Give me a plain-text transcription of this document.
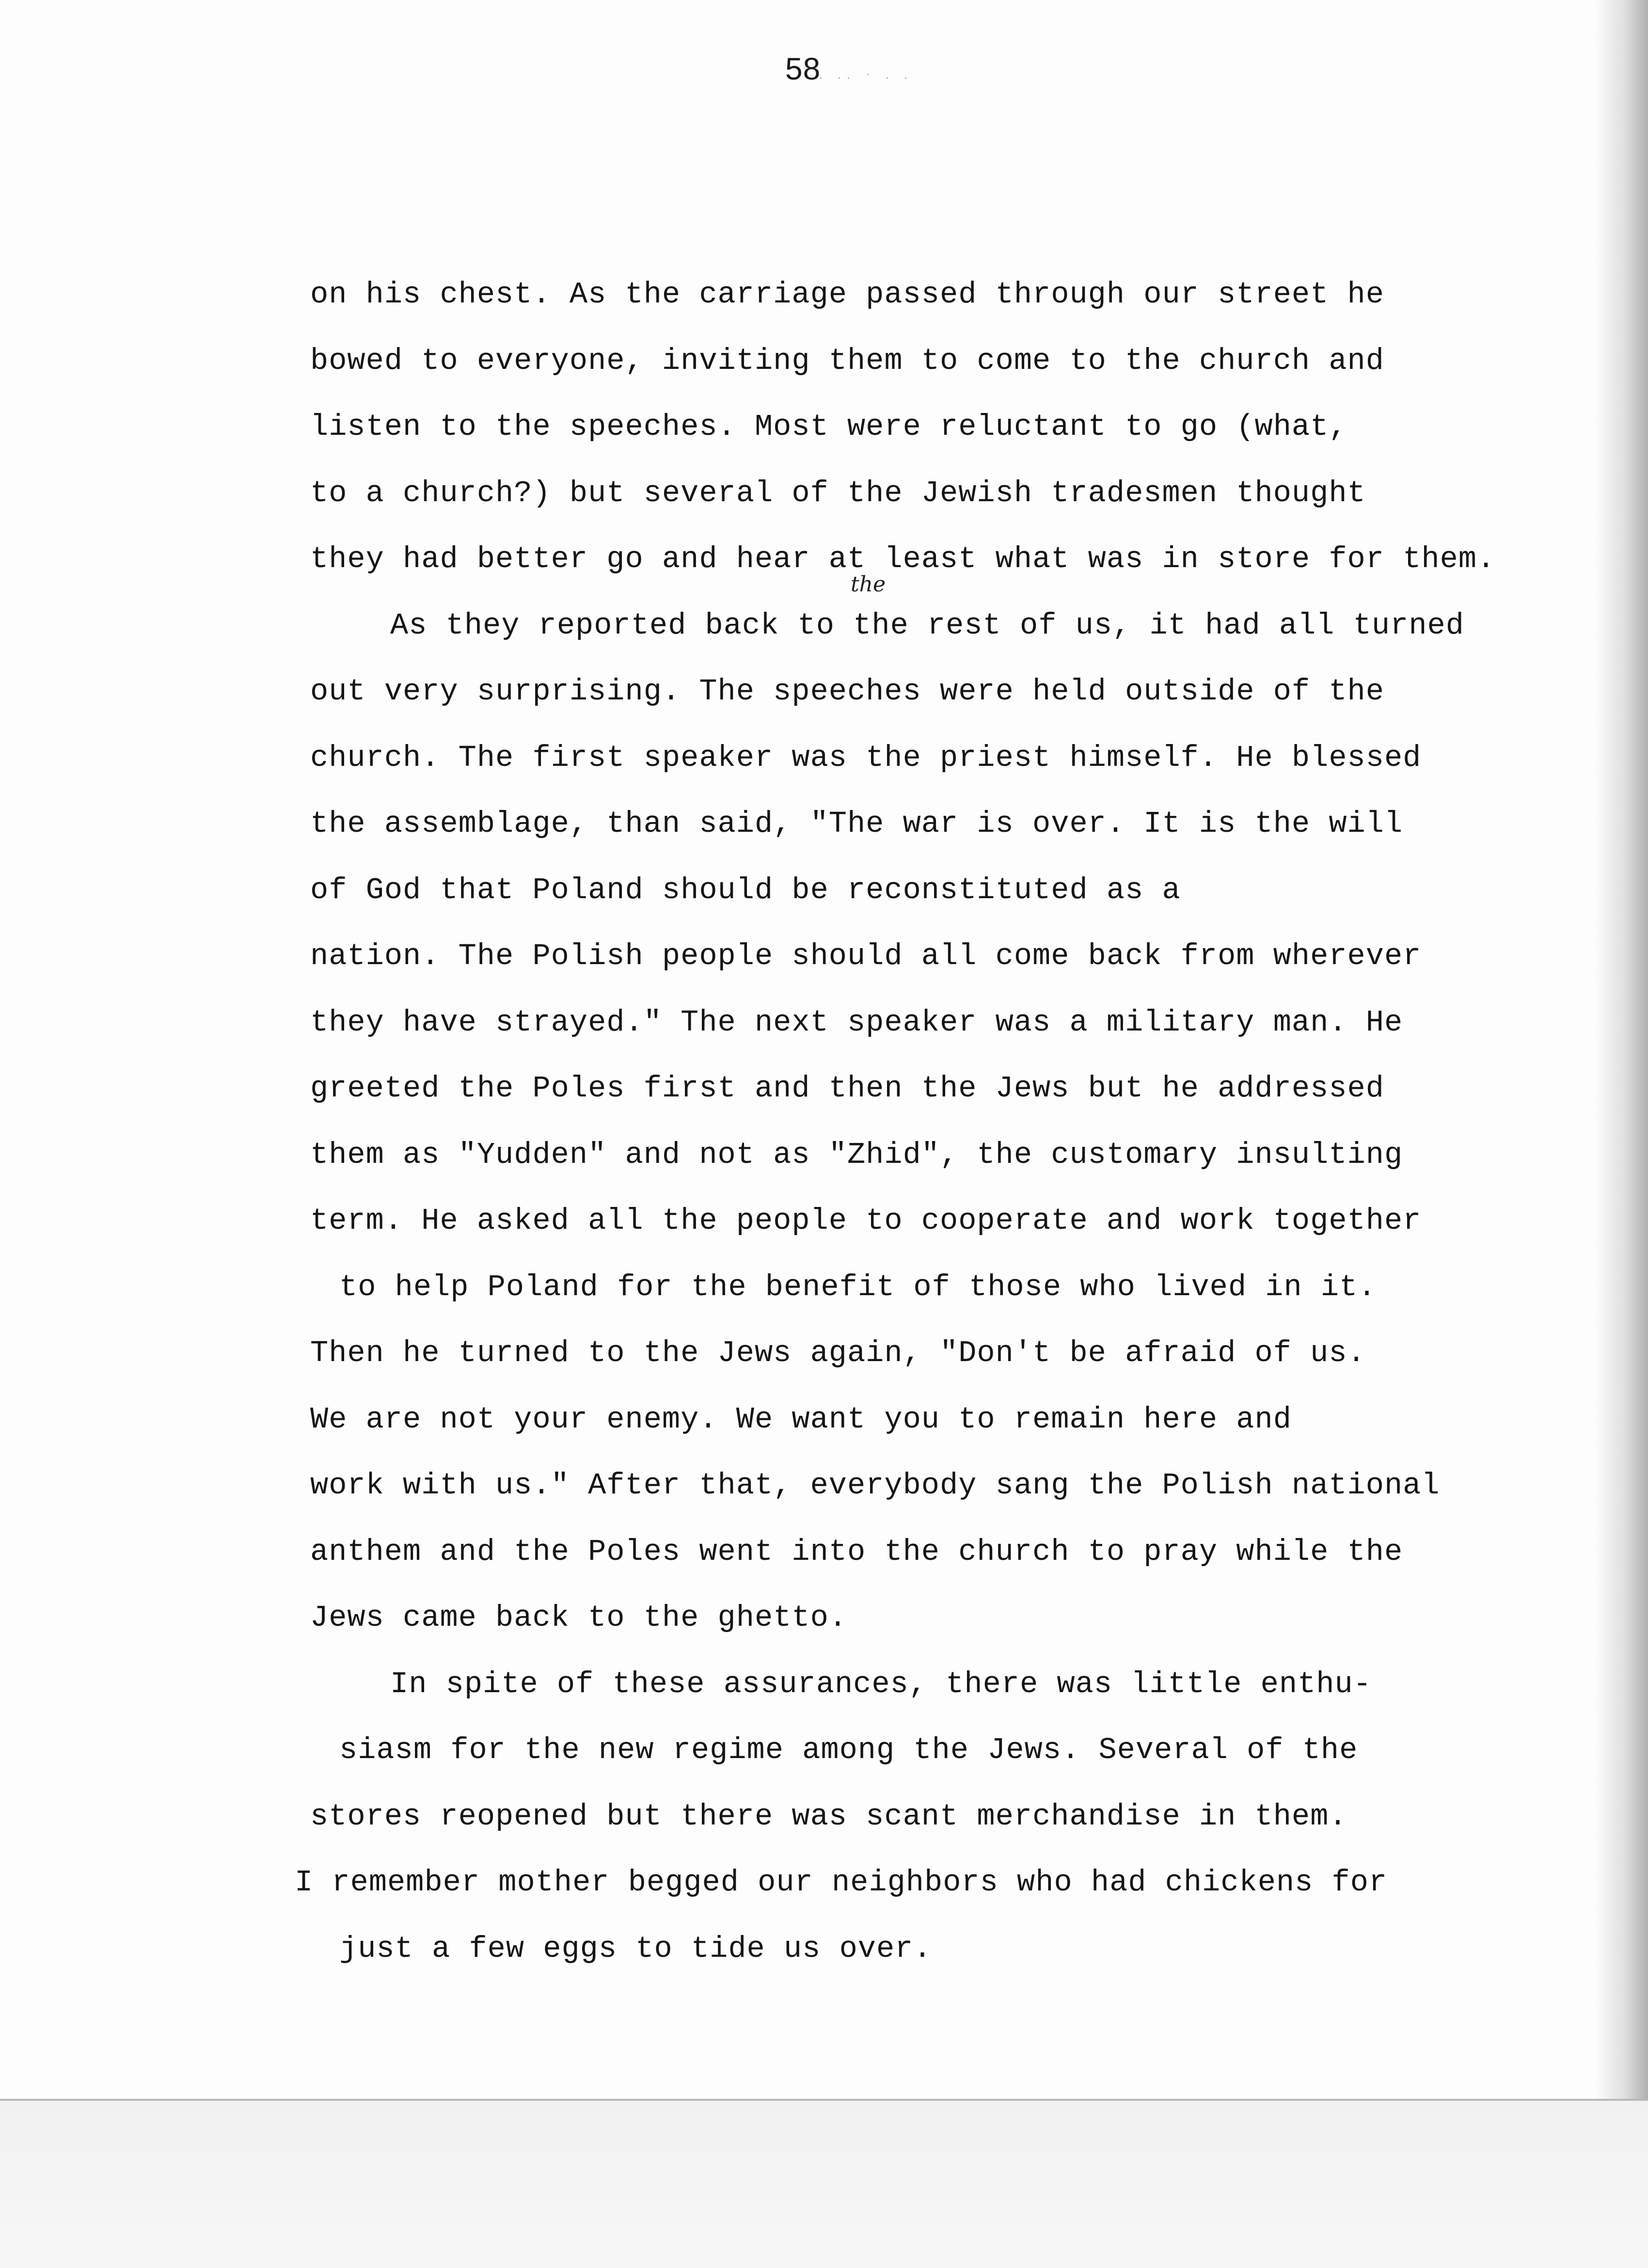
58
· ·· ˙ · ·
the
on his chest. As the carriage passed through our street he
bowed to everyone, inviting them to come to the church and
listen to the speeches. Most were reluctant to go (what,
to a church?) but several of the Jewish tradesmen thought
they had better go and hear at least what was in store for them.
As they reported back to the rest of us, it had all turned
out very surprising. The speeches were held outside of the
church. The first speaker was the priest himself. He blessed
the assemblage, than said, "The war is over. It is the will
of God that Poland should be reconstituted as a
nation. The Polish people should all come back from wherever
they have strayed." The next speaker was a military man. He
greeted the Poles first and then the Jews but he addressed
them as "Yudden" and not as "Zhid", the customary insulting
term. He asked all the people to cooperate and work together
to help Poland for the benefit of those who lived in it.
Then he turned to the Jews again, "Don't be afraid of us.
We are not your enemy. We want you to remain here and
work with us." After that, everybody sang the Polish national
anthem and the Poles went into the church to pray while the
Jews came back to the ghetto.
In spite of these assurances, there was little enthu-
siasm for the new regime among the Jews. Several of the
stores reopened but there was scant merchandise in them.
I remember mother begged our neighbors who had chickens for
just a few eggs to tide us over.
